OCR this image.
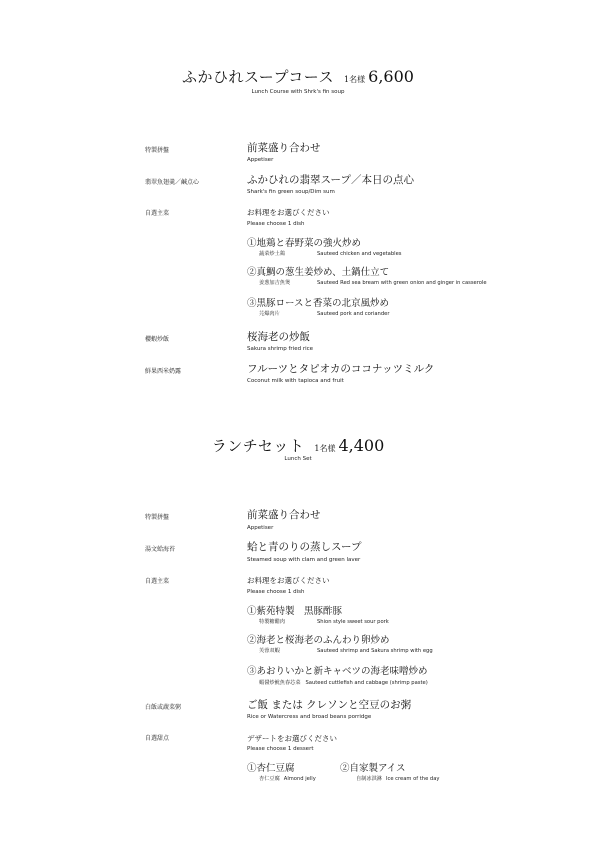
ふかひれスープコース 1名様 6,600
Lunch Course with Shrk's fin soup
特製拼盤	前菜盛り合わせ
Appetiser
翡翠魚翅羹／鹹点心	ふかひれの翡翠スープ／本日の点心
Shark's fin green soup/Dim sum
自選主菜	お料理をお選びください
Please choose 1 dish
①地鶏と春野菜の強火炒め
蔬菜炒土鶏	Sauteed chicken and vegetables
②真鯛の葱生姜炒め、土鍋仕立て
姜葱加吉魚煲	Sauteed Red sea bream with green onion and ginger in casserole
③黒豚ロースと香菜の北京風炒め
芫爆肉片	Sauteed pork and coriander
櫻蝦炒飯	桜海老の炒飯
Sakura shrimp fried rice
鮮果西米奶露	フルーツとタピオカのココナッツミルク
Coconut milk with tapioca and fruit
ランチセット 1名様 4,400
Lunch Set
特製拼盤	前菜盛り合わせ
Appetiser
湯文蛤海苔	蛤と青のりの蒸しスープ
Steamed soup with clam and green laver
自選主菜	お料理をお選びください
Please choose 1 dish
①紫苑特製　黒豚酢豚
特製糖醋肉	Shion style sweet sour pork
②海老と桜海老のふんわり卵炒め
芙蓉双蝦	Sauteed shrimp and Sakura shrimp with egg
③あおりいかと新キャベツの海老味噌炒め
蝦醤炒魷魚春芯菜 Sauteed cuttlefish and cabbage (shrimp paste)
白飯或蔬菜粥	ご飯 または クレソンと空豆のお粥
Rice or Watercress and broad beans porridge
自選甜点	デザートをお選びください
Please choose 1 dessert
①杏仁豆腐
杏仁豆腐 Almond jelly
②自家製アイス
自制冰淇淋 Ice cream of the day
